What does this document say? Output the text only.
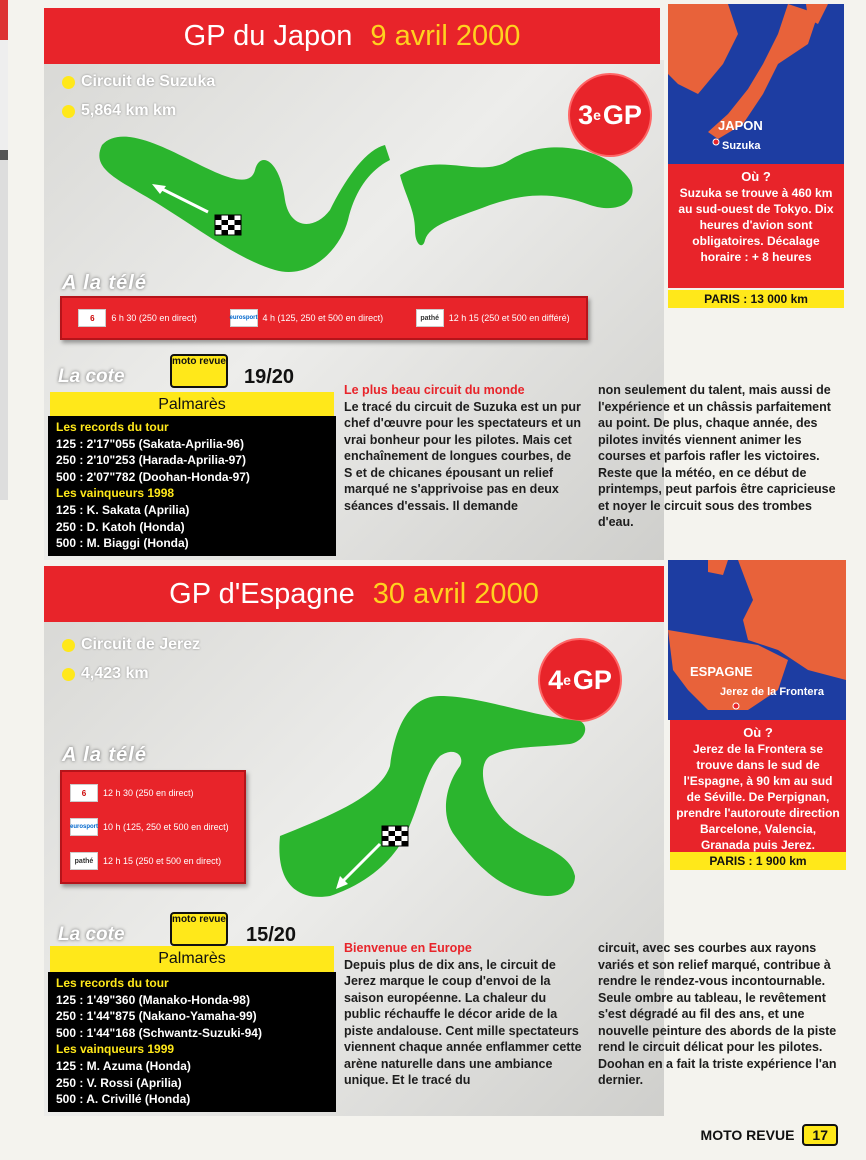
GP du Japon 9 avril 2000
Circuit de Suzuka
5,864 km km	3 e GP
A la télé
6	6 h 30 (250 en direct)	eurosport 4 h (125, 250 et 500 en direct)	pathé	12 h 15 (250 et 500 en différé)
La cote
moto revue
19/20
Palmarès
Les records du tour
125 : 2'17"055 (Sakata-Aprilia-96)
250 : 2'10"253 (Harada-Aprilia-97)
500 : 2'07"782 (Doohan-Honda-97)
Les vainqueurs 1998
125 : K. Sakata (Aprilia)
250 : D. Katoh (Honda)
500 : M. Biaggi (Honda)
Le plus beau circuit du monde
Le tracé du circuit de Suzuka est un pur chef d'œuvre pour les spectateurs et un vrai bonheur pour les pilotes. Mais cet enchaînement de longues courbes, de S et de chicanes épousant un relief marqué ne s'apprivoise pas en deux séances d'essais. Il demande
non seulement du talent, mais aussi de l'expérience et un châssis parfaitement au point. De plus, chaque année, des pilotes invités viennent animer les courses et parfois rafler les victoires. Reste que la météo, en ce début de printemps, peut parfois être capricieuse et noyer le circuit sous des trombes d'eau.
JAPON
Suzuka
Où ?
Suzuka se trouve à 460 km au sud-ouest de Tokyo. Dix heures d'avion sont obligatoires. Décalage horaire : + 8 heures
PARIS : 13 000 km
GP d'Espagne 30 avril 2000
Circuit de Jerez
4,423 km	4 e GP
A la télé
6	12 h 30 (250 en direct)
eurosport 10 h (125, 250 et 500 en direct)
pathé	12 h 15 (250 et 500 en direct)
La cote
moto revue
15/20
Palmarès
Les records du tour
125 : 1'49"360 (Manako-Honda-98)
250 : 1'44"875 (Nakano-Yamaha-99)
500 : 1'44"168 (Schwantz-Suzuki-94)
Les vainqueurs 1999
125 : M. Azuma (Honda)
250 : V. Rossi (Aprilia)
500 : A. Crivillé (Honda)
Bienvenue en Europe
Depuis plus de dix ans, le circuit de Jerez marque le coup d'envoi de la saison européenne. La chaleur du public réchauffe le décor aride de la piste andalouse. Cent mille spectateurs viennent chaque année enflammer cette arène naturelle dans une ambiance unique. Et le tracé du
circuit, avec ses courbes aux rayons variés et son relief marqué, contribue à rendre le rendez-vous incontournable. Seule ombre au tableau, le revêtement s'est dégradé au fil des ans, et une nouvelle peinture des abords de la piste rend le circuit délicat pour les pilotes. Doohan en a fait la triste expérience l'an dernier.
ESPAGNE
Jerez de la Frontera
Où ?
Jerez de la Frontera se trouve dans le sud de l'Espagne, à 90 km au sud de Séville. De Perpignan, prendre l'autoroute direction Barcelone, Valencia, Granada puis Jerez.
PARIS : 1 900 km
MOTO REVUE	17
